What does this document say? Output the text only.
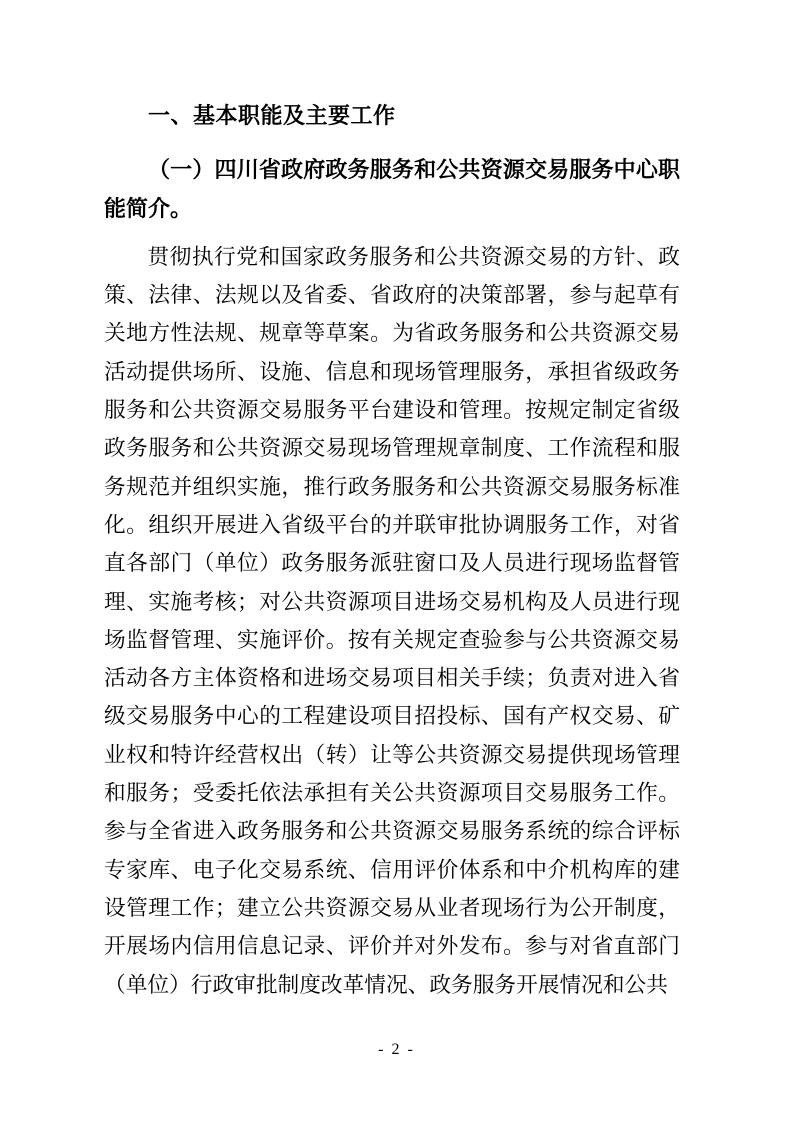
一、基本职能及主要工作

（一）四川省政府政务服务和公共资源交易服务中心职能简介。

贯彻执行党和国家政务服务和公共资源交易的方针、政策、法律、法规以及省委、省政府的决策部署，参与起草有关地方性法规、规章等草案。为省政务服务和公共资源交易活动提供场所、设施、信息和现场管理服务，承担省级政务服务和公共资源交易服务平台建设和管理。按规定制定省级政务服务和公共资源交易现场管理规章制度、工作流程和服务规范并组织实施，推行政务服务和公共资源交易服务标准化。组织开展进入省级平台的并联审批协调服务工作，对省直各部门（单位）政务服务派驻窗口及人员进行现场监督管理、实施考核；对公共资源项目进场交易机构及人员进行现场监督管理、实施评价。按有关规定查验参与公共资源交易活动各方主体资格和进场交易项目相关手续；负责对进入省级交易服务中心的工程建设项目招投标、国有产权交易、矿业权和特许经营权出（转）让等公共资源交易提供现场管理和服务；受委托依法承担有关公共资源项目交易服务工作。参与全省进入政务服务和公共资源交易服务系统的综合评标专家库、电子化交易系统、信用评价体系和中介机构库的建设管理工作；建立公共资源交易从业者现场行为公开制度，开展场内信用信息记录、评价并对外发布。参与对省直部门（单位）行政审批制度改革情况、政务服务开展情况和公共

- 2 -
